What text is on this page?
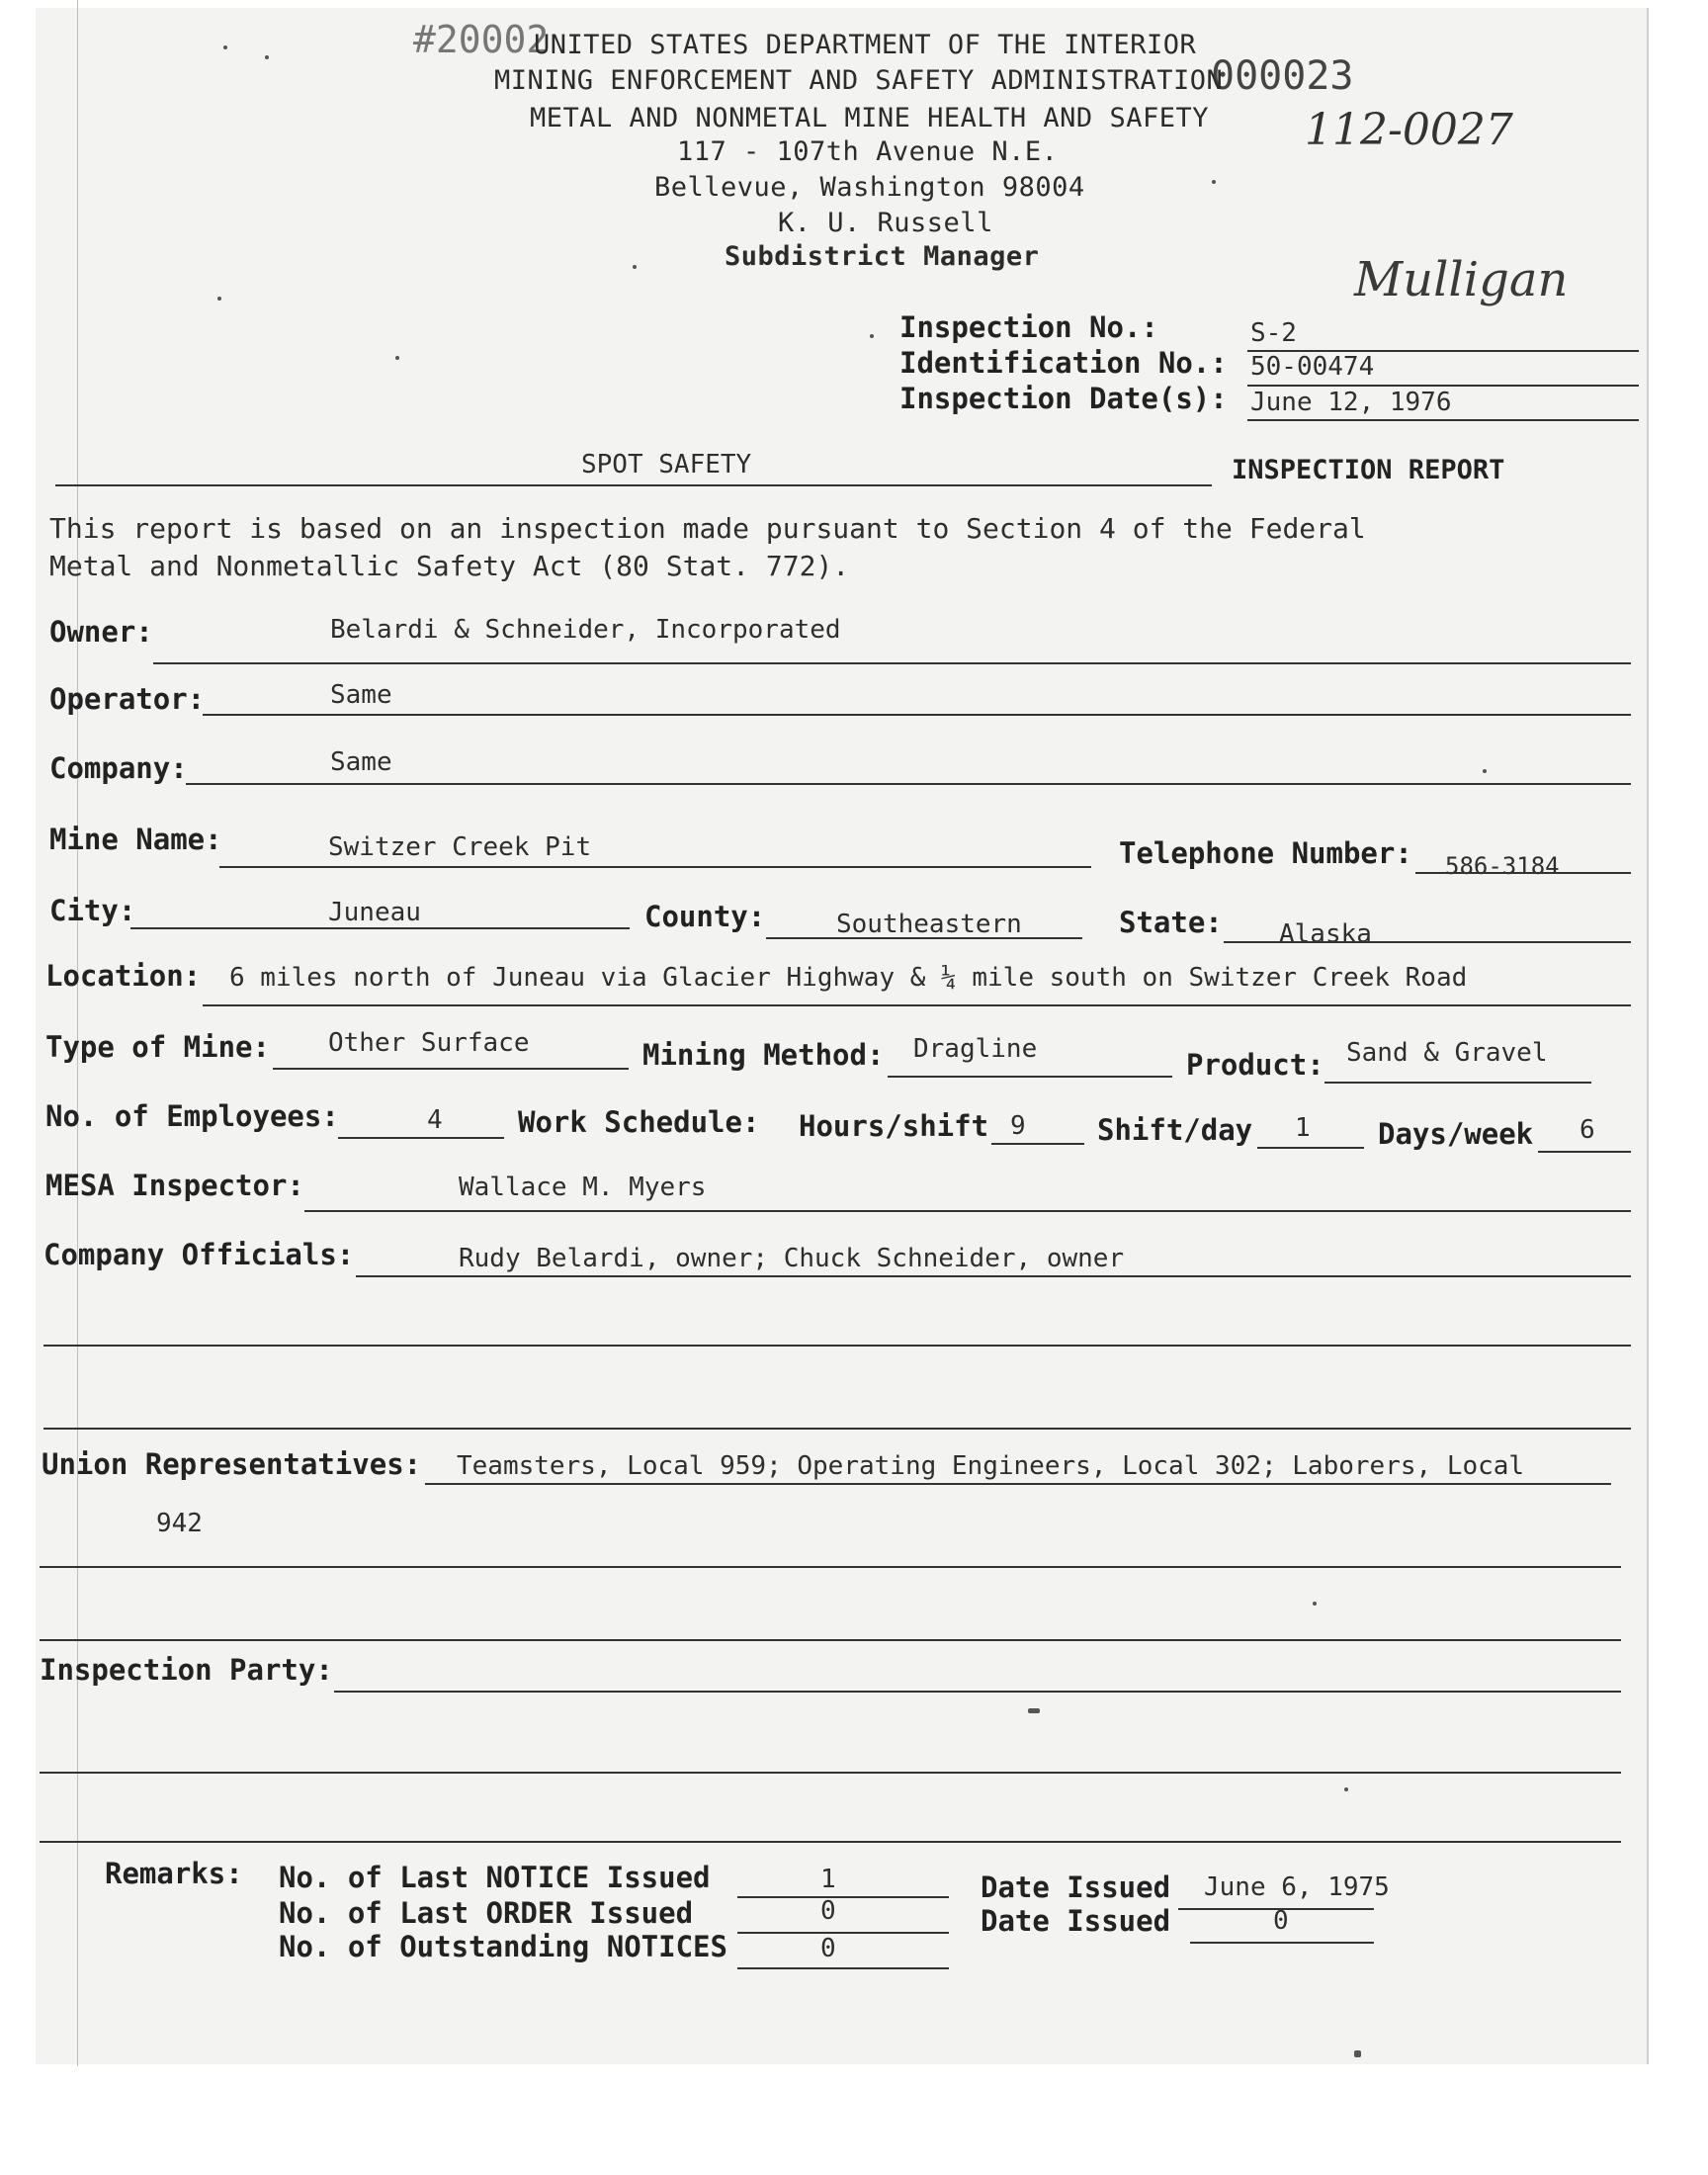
#20002
000023
112-0027
Mulligan
UNITED STATES DEPARTMENT OF THE INTERIOR
MINING ENFORCEMENT AND SAFETY ADMINISTRATION
METAL AND NONMETAL MINE HEALTH AND SAFETY
117 - 107th Avenue N.E.
Bellevue, Washington 98004
K. U. Russell
Subdistrict Manager
Inspection No.:	S-2
Identification No.: 50-00474
Inspection Date(s): June 12, 1976
SPOT SAFETY	INSPECTION REPORT
This report is based on an inspection made pursuant to Section 4 of the Federal
Metal and Nonmetallic Safety Act (80 Stat. 772).
Owner:	Belardi & Schneider, Incorporated
Operator:	Same
Company:	Same
Mine Name:	Switzer Creek Pit	Telephone Number: 586-3184
City:	Juneau	County:	Southeastern	State: Alaska
Location: 6 miles north of Juneau via Glacier Highway & ¼ mile south on Switzer Creek Road
Type of Mine: Other Surface	Mining Method: Dragline	Product: Sand & Gravel
No. of Employees:	4	Work Schedule: Hours/shift 9 Shift/day 1 Days/week 6
MESA Inspector:	Wallace M. Myers
Company Officials:	Rudy Belardi, owner; Chuck Schneider, owner
Union Representatives: Teamsters, Local 959; Operating Engineers, Local 302; Laborers, Local
942
Inspection Party:
Remarks: No. of Last NOTICE Issued	1
No. of Last ORDER Issued	0
No. of Outstanding NOTICES	0
Date Issued June 6, 1975
Date Issued	0
